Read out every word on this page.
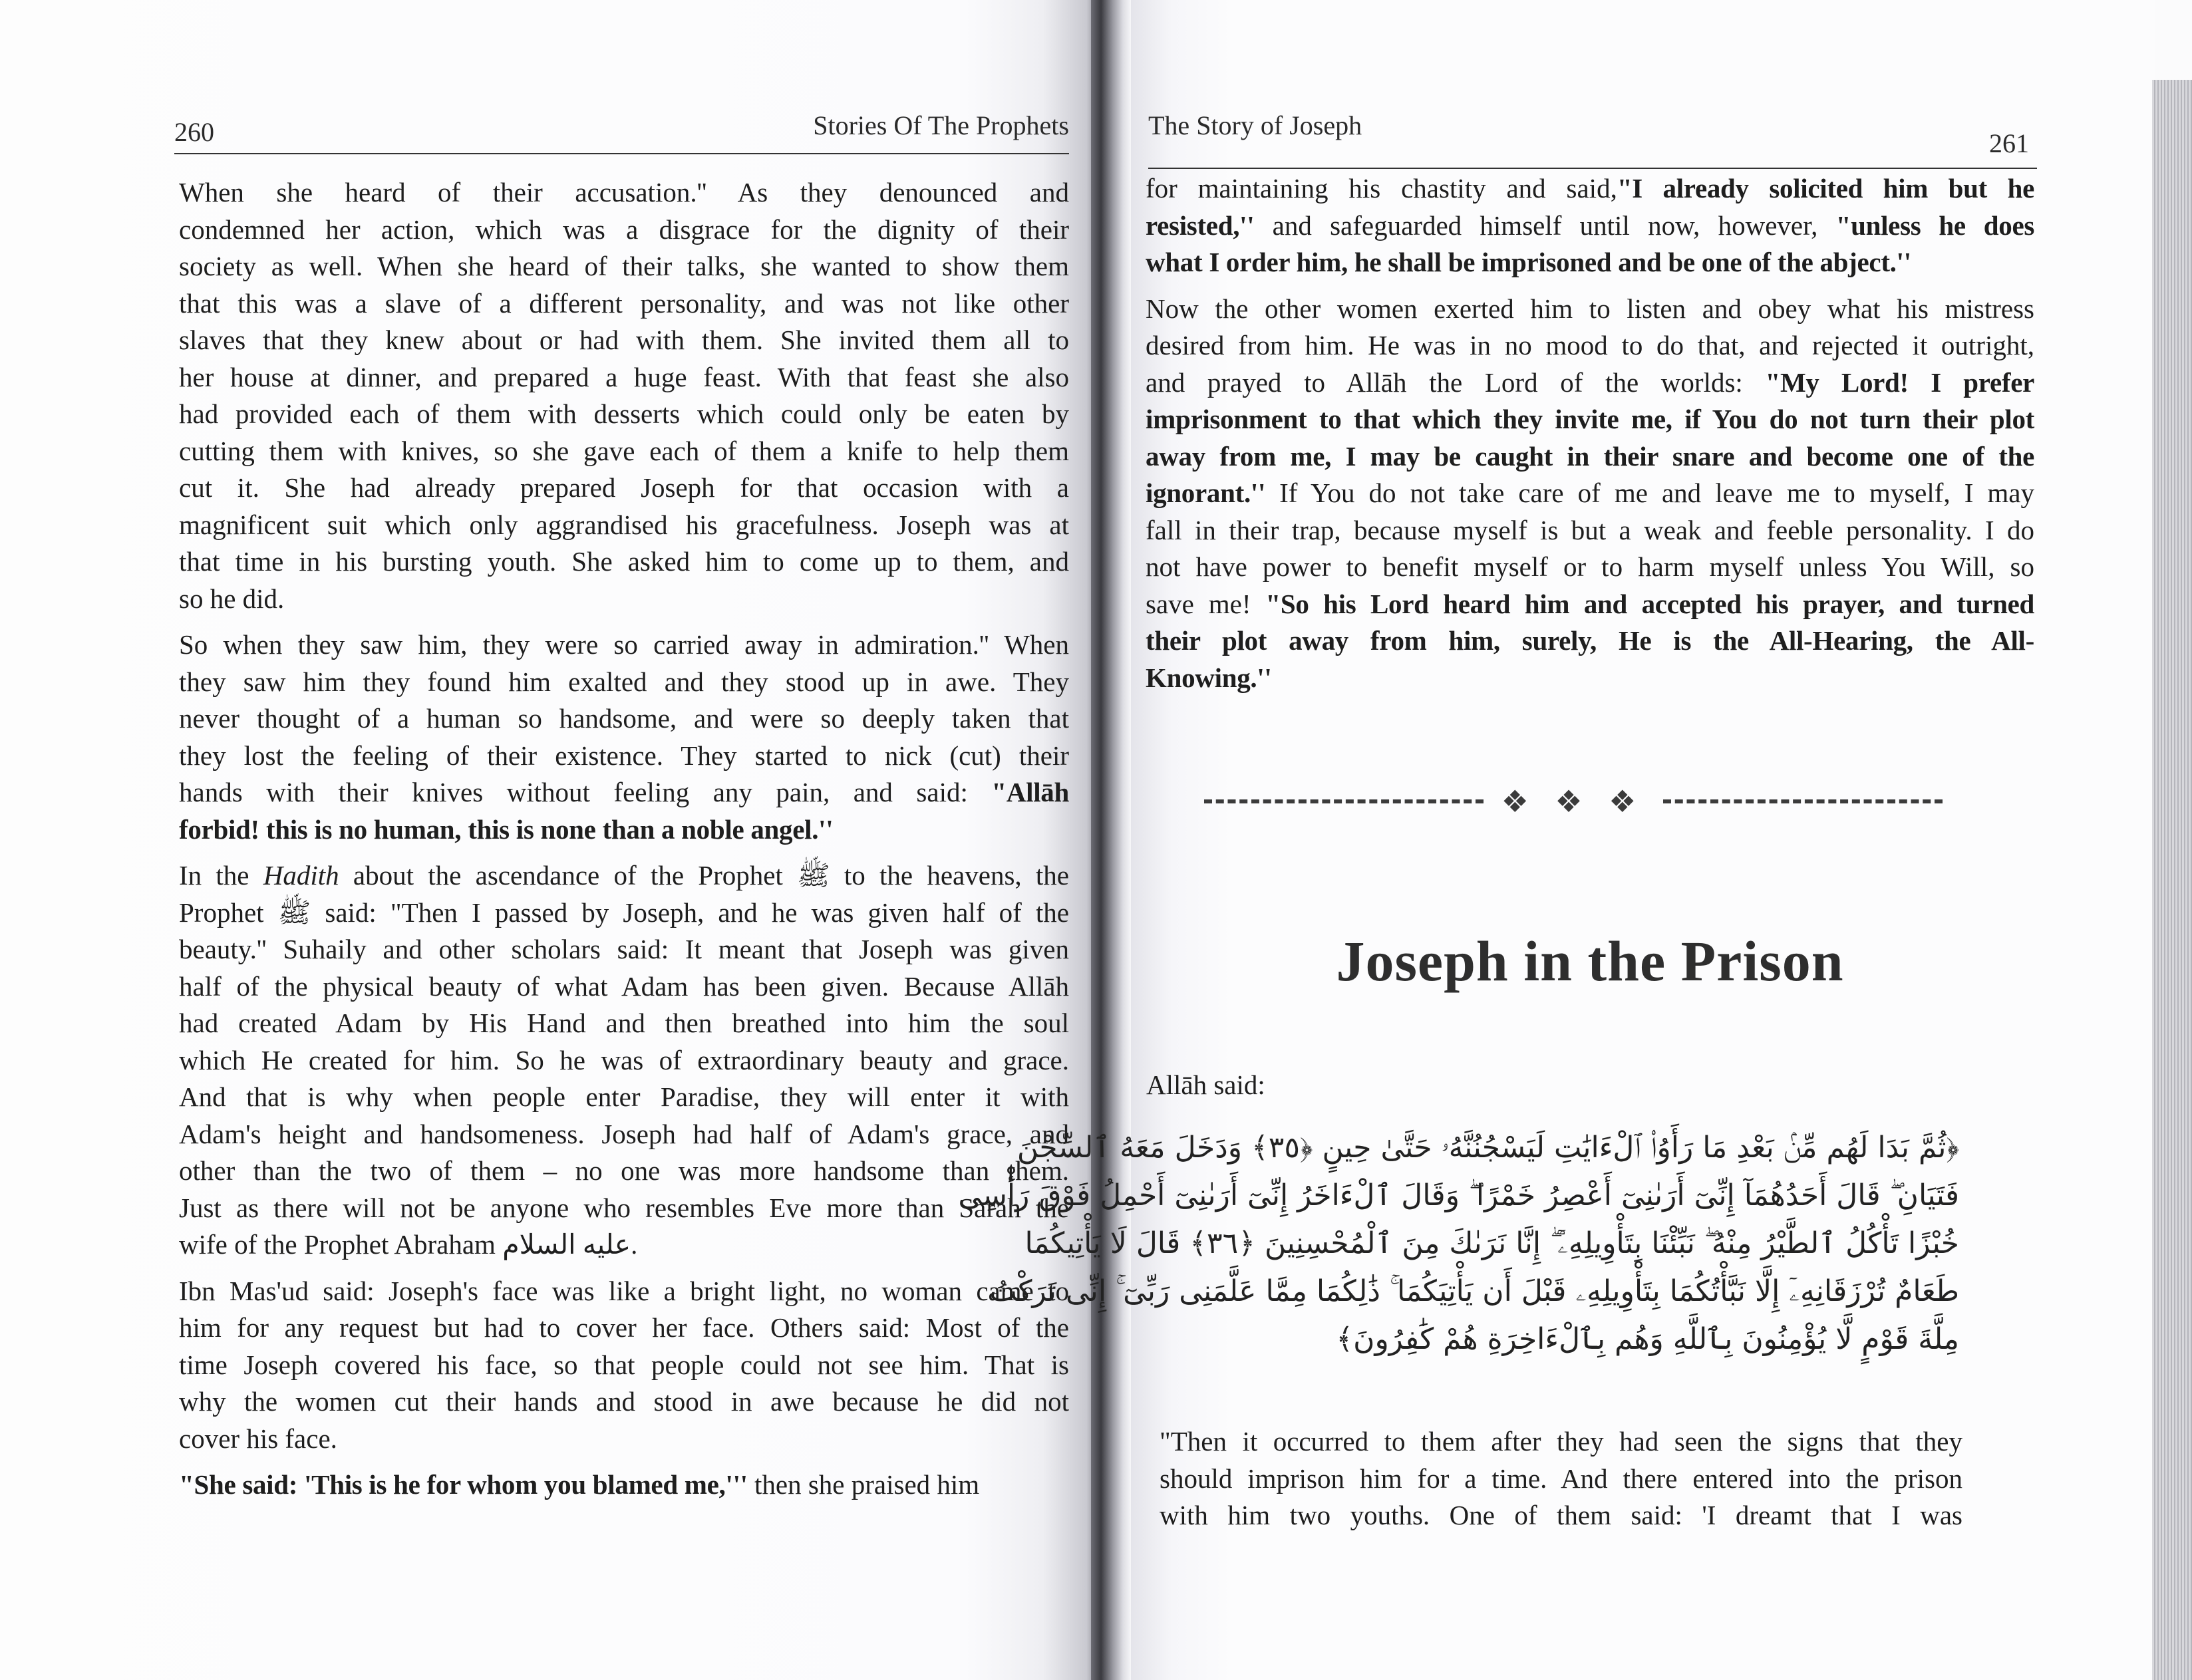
260	Stories Of The Prophets
When she heard of their accusation.'' As they denounced and
condemned her action, which was a disgrace for the dignity of their
society as well. When she heard of their talks, she wanted to show them
that this was a slave of a different personality, and was not like other
slaves that they knew about or had with them. She invited them all to
her house at dinner, and prepared a huge feast. With that feast she also
had provided each of them with desserts which could only be eaten by
cutting them with knives, so she gave each of them a knife to help them
cut it. She had already prepared Joseph for that occasion with a
magnificent suit which only aggrandised his gracefulness. Joseph was at
that time in his bursting youth. She asked him to come up to them, and
so he did.
So when they saw him, they were so carried away in admiration.'' When
they saw him they found him exalted and they stood up in awe. They
never thought of a human so handsome, and were so deeply taken that
they lost the feeling of their existence. They started to nick (cut) their
hands with their knives without feeling any pain, and said: "Allāh
forbid! this is no human, this is none than a noble angel.''
In the Hadith about the ascendance of the Prophet ﷺ to the heavens, the
Prophet ﷺ said: "Then I passed by Joseph, and he was given half of the
beauty.'' Suhaily and other scholars said: It meant that Joseph was given
half of the physical beauty of what Adam has been given. Because Allāh
had created Adam by His Hand and then breathed into him the soul
which He created for him. So he was of extraordinary beauty and grace.
And that is why when people enter Paradise, they will enter it with
Adam's height and handsomeness. Joseph had half of Adam's grace, and
other than the two of them – no one was more handsome than them.
Just as there will not be anyone who resembles Eve more than Sarah the
wife of the Prophet Abraham عليه السلام.
Ibn Mas'ud said: Joseph's face was like a bright light, no woman came to
him for any request but had to cover her face. Others said: Most of the
time Joseph covered his face, so that people could not see him. That is
why the women cut their hands and stood in awe because he did not
cover his face.
"She said: 'This is he for whom you blamed me,''' then she praised him
The Story of Joseph
261
for maintaining his chastity and said,"I already solicited him but he
resisted,'' and safeguarded himself until now, however, "unless he does
what I order him, he shall be imprisoned and be one of the abject.''
Now the other women exerted him to listen and obey what his mistress
desired from him. He was in no mood to do that, and rejected it outright,
and prayed to Allāh the Lord of the worlds: "My Lord! I prefer
imprisonment to that which they invite me, if You do not turn their plot
away from me, I may be caught in their snare and become one of the
ignorant.'' If You do not take care of me and leave me to myself, I may
fall in their trap, because myself is but a weak and feeble personality. I do
not have power to benefit myself or to harm myself unless You Will, so
save me! "So his Lord heard him and accepted his prayer, and turned
their plot away from him, surely, He is the All-Hearing, the All-
Knowing.''
❖ ❖ ❖
Joseph in the Prison
Allāh said:
﴿ثُمَّ بَدَا لَهُم مِّنۢ بَعْدِ مَا رَأَوُا۟ ٱلْءَايَٰتِ لَيَسْجُنُنَّهُۥ حَتَّىٰ حِينٍ ﴿٣٥﴾ وَدَخَلَ مَعَهُ ٱلسِّجْنَ
فَتَيَانِ ۖ قَالَ أَحَدُهُمَآ إِنِّىٓ أَرَىٰنِىٓ أَعْصِرُ خَمْرًا ۖ وَقَالَ ٱلْءَاخَرُ إِنِّىٓ أَرَىٰنِىٓ أَحْمِلُ فَوْقَ رَأْسِى
خُبْزًا تَأْكُلُ ٱلطَّيْرُ مِنْهُ ۖ نَبِّئْنَا بِتَأْوِيلِهِۦٓ ۖ إِنَّا نَرَىٰكَ مِنَ ٱلْمُحْسِنِينَ ﴿٣٦﴾ قَالَ لَا يَأْتِيكُمَا
طَعَامٌ تُرْزَقَانِهِۦٓ إِلَّا نَبَّأْتُكُمَا بِتَأْوِيلِهِۦ قَبْلَ أَن يَأْتِيَكُمَا ۚ ذَٰلِكُمَا مِمَّا عَلَّمَنِى رَبِّىٓ ۚ إِنِّى تَرَكْتُ
مِلَّةَ قَوْمٍ لَّا يُؤْمِنُونَ بِٱللَّهِ وَهُم بِٱلْءَاخِرَةِ هُمْ كَٰفِرُونَ﴾
"Then it occurred to them after they had seen the signs that they
should imprison him for a time. And there entered into the prison
with him two youths. One of them said: 'I dreamt that I was
